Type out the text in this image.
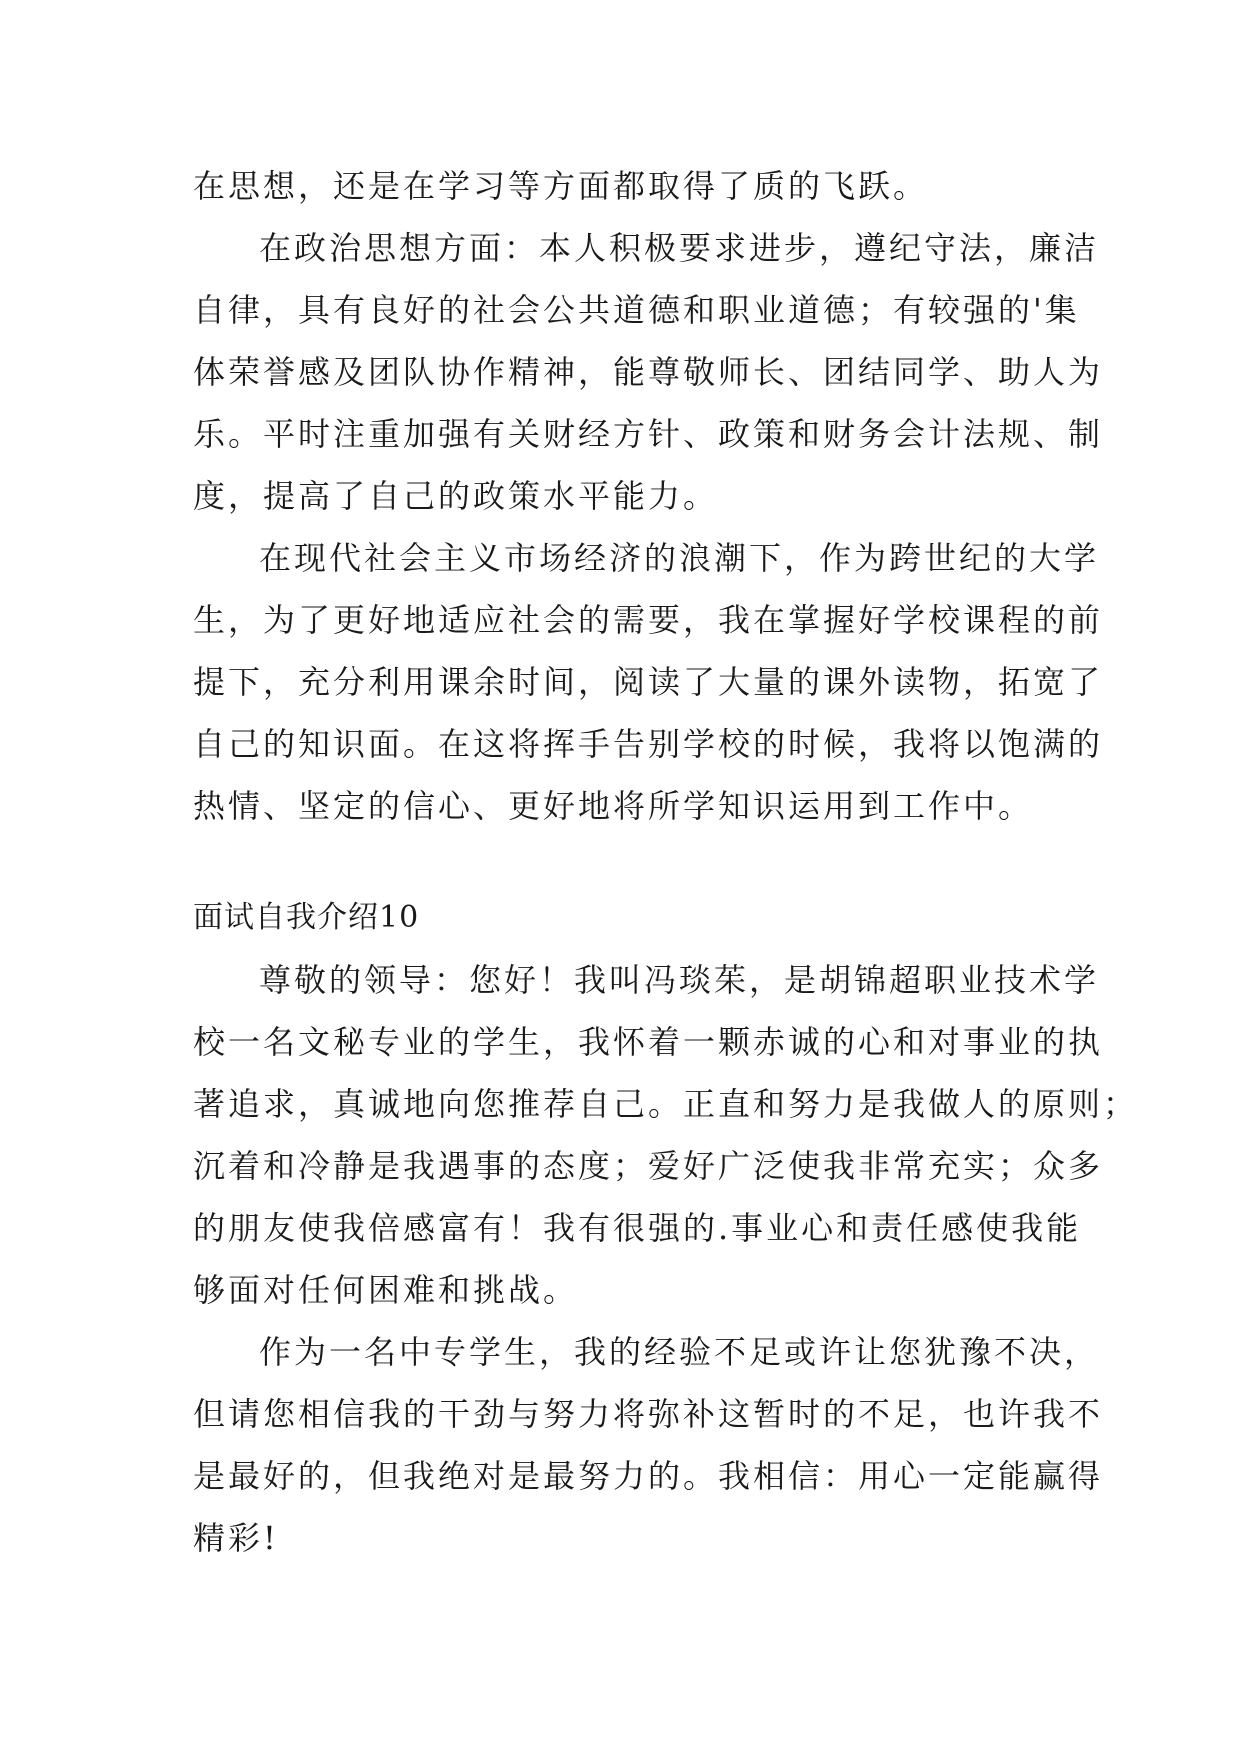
在思想，还是在学习等方面都取得了质的飞跃。
在政治思想方面：本人积极要求进步，遵纪守法，廉洁
自律，具有良好的社会公共道德和职业道德；有较强的'集
体荣誉感及团队协作精神，能尊敬师长、团结同学、助人为
乐。平时注重加强有关财经方针、政策和财务会计法规、制
度，提高了自己的政策水平能力。
在现代社会主义市场经济的浪潮下，作为跨世纪的大学
生，为了更好地适应社会的需要，我在掌握好学校课程的前
提下，充分利用课余时间，阅读了大量的课外读物，拓宽了
自己的知识面。在这将挥手告别学校的时候，我将以饱满的
热情、坚定的信心、更好地将所学知识运用到工作中。
面试自我介绍10
尊敬的领导：您好！我叫冯琰茱，是胡锦超职业技术学
校一名文秘专业的学生，我怀着一颗赤诚的心和对事业的执
著追求，真诚地向您推荐自己。正直和努力是我做人的原则；
沉着和冷静是我遇事的态度；爱好广泛使我非常充实；众多
的朋友使我倍感富有！我有很强的.事业心和责任感使我能
够面对任何困难和挑战。
作为一名中专学生，我的经验不足或许让您犹豫不决，
但请您相信我的干劲与努力将弥补这暂时的不足，也许我不
是最好的，但我绝对是最努力的。我相信：用心一定能赢得
精彩!
